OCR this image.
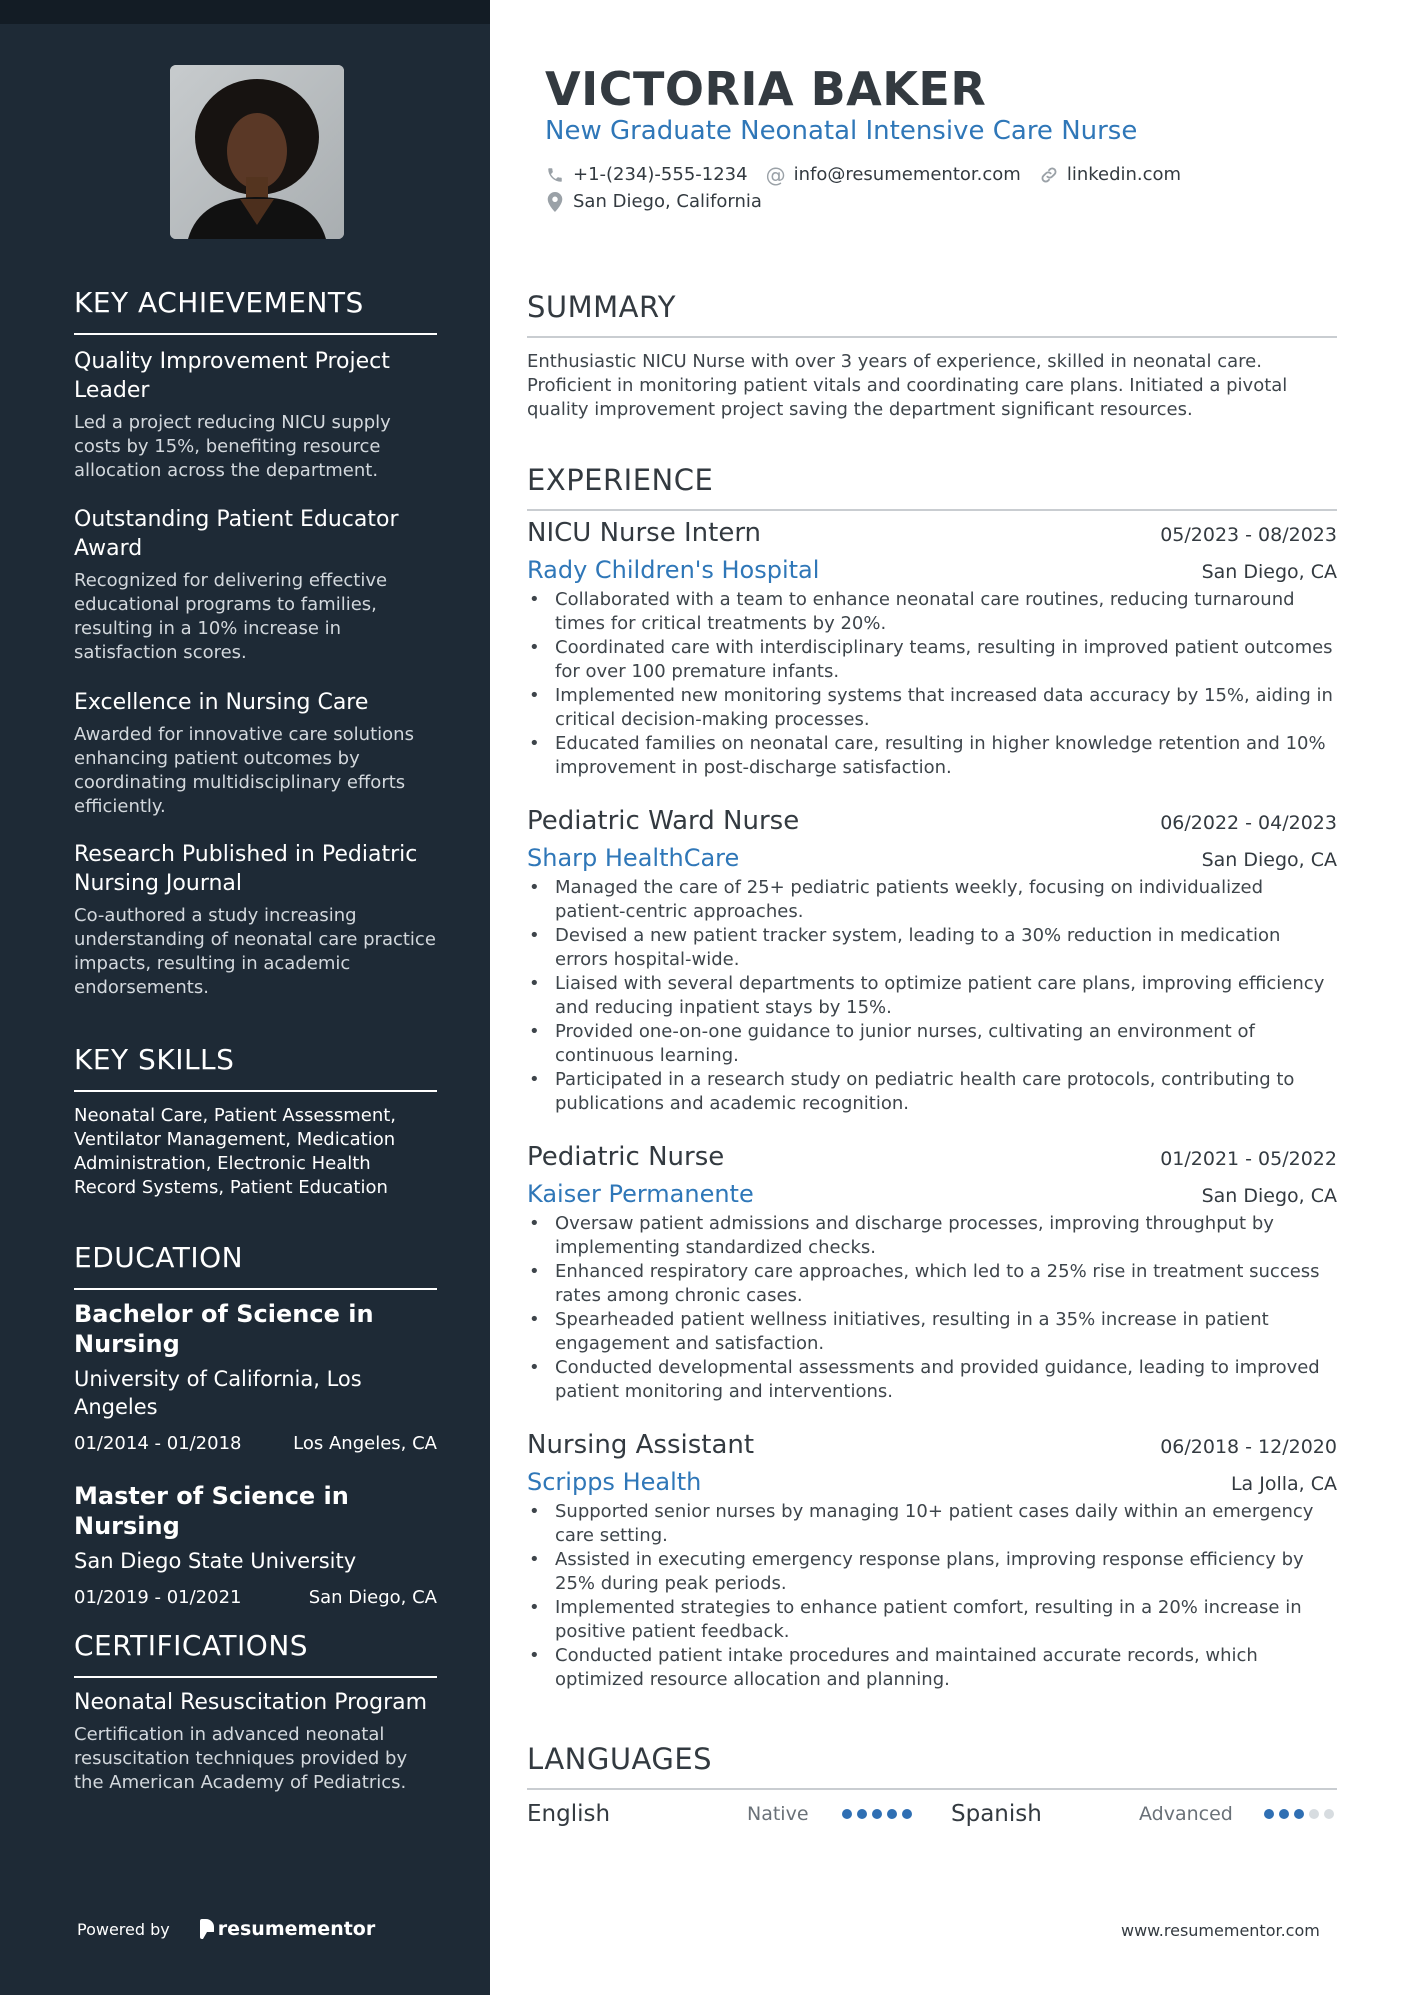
KEY ACHIEVEMENTS
Quality Improvement Project Leader
Led a project reducing NICU supply costs by 15%, benefiting resource allocation across the department.
Outstanding Patient Educator Award
Recognized for delivering effective educational programs to families, resulting in a 10% increase in satisfaction scores.
Excellence in Nursing Care
Awarded for innovative care solutions enhancing patient outcomes by coordinating multidisciplinary efforts efficiently.
Research Published in Pediatric Nursing Journal
Co-authored a study increasing understanding of neonatal care practice impacts, resulting in academic endorsements.
KEY SKILLS
Neonatal Care, Patient Assessment, Ventilator Management, Medication Administration, Electronic Health Record Systems, Patient Education
EDUCATION
Bachelor of Science in Nursing
University of California, Los Angeles
01/2014 - 01/2018	Los Angeles, CA
Master of Science in Nursing
San Diego State University
01/2019 - 01/2021	San Diego, CA
CERTIFICATIONS
Neonatal Resuscitation Program
Certification in advanced neonatal resuscitation techniques provided by the American Academy of Pediatrics.
Powered by	resumementor
VICTORIA BAKER
New Graduate Neonatal Intensive Care Nurse
+1-(234)-555-1234 @ info@resumementor.com	linkedin.com
San Diego, California
SUMMARY
Enthusiastic NICU Nurse with over 3 years of experience, skilled in neonatal care. Proficient in monitoring patient vitals and coordinating care plans. Initiated a pivotal quality improvement project saving the department significant resources.
EXPERIENCE
NICU Nurse Intern	05/2023 - 08/2023
Rady Children's Hospital	San Diego, CA
• Collaborated with a team to enhance neonatal care routines, reducing turnaround times for critical treatments by 20%.
• Coordinated care with interdisciplinary teams, resulting in improved patient outcomes for over 100 premature infants.
• Implemented new monitoring systems that increased data accuracy by 15%, aiding in critical decision-making processes.
• Educated families on neonatal care, resulting in higher knowledge retention and 10% improvement in post-discharge satisfaction.
Pediatric Ward Nurse	06/2022 - 04/2023
Sharp HealthCare	San Diego, CA
• Managed the care of 25+ pediatric patients weekly, focusing on individualized patient-centric approaches.
• Devised a new patient tracker system, leading to a 30% reduction in medication errors hospital-wide.
• Liaised with several departments to optimize patient care plans, improving efficiency and reducing inpatient stays by 15%.
• Provided one-on-one guidance to junior nurses, cultivating an environment of continuous learning.
• Participated in a research study on pediatric health care protocols, contributing to publications and academic recognition.
Pediatric Nurse	01/2021 - 05/2022
Kaiser Permanente	San Diego, CA
• Oversaw patient admissions and discharge processes, improving throughput by implementing standardized checks.
• Enhanced respiratory care approaches, which led to a 25% rise in treatment success rates among chronic cases.
• Spearheaded patient wellness initiatives, resulting in a 35% increase in patient engagement and satisfaction.
• Conducted developmental assessments and provided guidance, leading to improved patient monitoring and interventions.
Nursing Assistant	06/2018 - 12/2020
Scripps Health	La Jolla, CA
• Supported senior nurses by managing 10+ patient cases daily within an emergency care setting.
• Assisted in executing emergency response plans, improving response efficiency by 25% during peak periods.
• Implemented strategies to enhance patient comfort, resulting in a 20% increase in positive patient feedback.
• Conducted patient intake procedures and maintained accurate records, which optimized resource allocation and planning.
LANGUAGES
English	Native	Spanish	Advanced
www.resumementor.com
